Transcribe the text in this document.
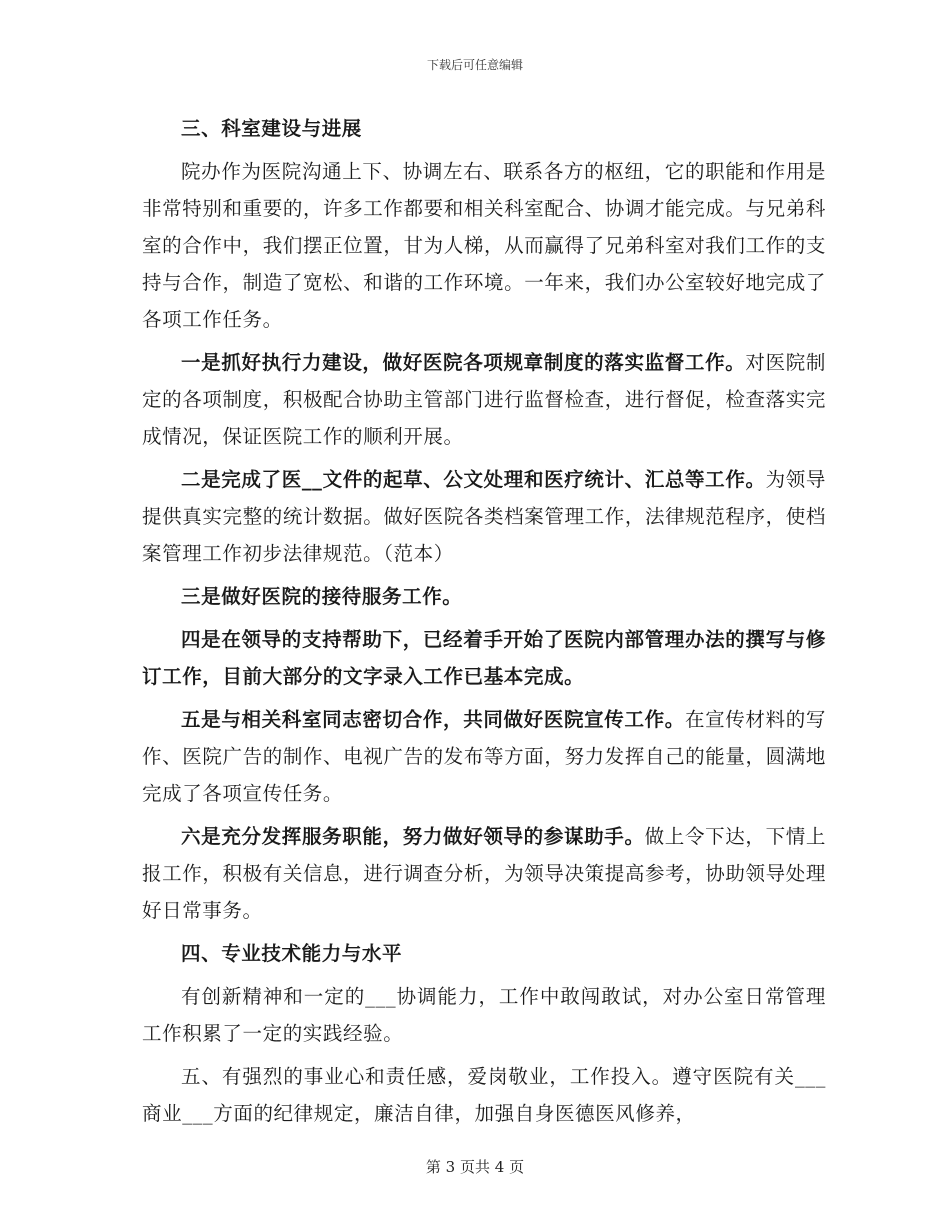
下载后可任意编辑

三、科室建设与进展

院办作为医院沟通上下、协调左右、联系各方的枢纽，它的职能和作用是非常特别和重要的，许多工作都要和相关科室配合、协调才能完成。与兄弟科室的合作中，我们摆正位置，甘为人梯，从而赢得了兄弟科室对我们工作的支持与合作，制造了宽松、和谐的工作环境。一年来，我们办公室较好地完成了各项工作任务。

一是抓好执行力建设，做好医院各项规章制度的落实监督工作。对医院制定的各项制度，积极配合协助主管部门进行监督检查，进行督促，检查落实完成情况，保证医院工作的顺利开展。

二是完成了医__文件的起草、公文处理和医疗统计、汇总等工作。为领导提供真实完整的统计数据。做好医院各类档案管理工作，法律规范程序，使档案管理工作初步法律规范。（范本）

三是做好医院的接待服务工作。

四是在领导的支持帮助下，已经着手开始了医院内部管理办法的撰写与修订工作，目前大部分的文字录入工作已基本完成。

五是与相关科室同志密切合作，共同做好医院宣传工作。在宣传材料的写作、医院广告的制作、电视广告的发布等方面，努力发挥自己的能量，圆满地完成了各项宣传任务。

六是充分发挥服务职能，努力做好领导的参谋助手。做上令下达，下情上报工作，积极有关信息，进行调查分析，为领导决策提高参考，协助领导处理好日常事务。

四、专业技术能力与水平

有创新精神和一定的___协调能力，工作中敢闯敢试，对办公室日常管理工作积累了一定的实践经验。

五、有强烈的事业心和责任感，爱岗敬业，工作投入。遵守医院有关___商业___方面的纪律规定，廉洁自律，加强自身医德医风修养，

第 3 页共 4 页
